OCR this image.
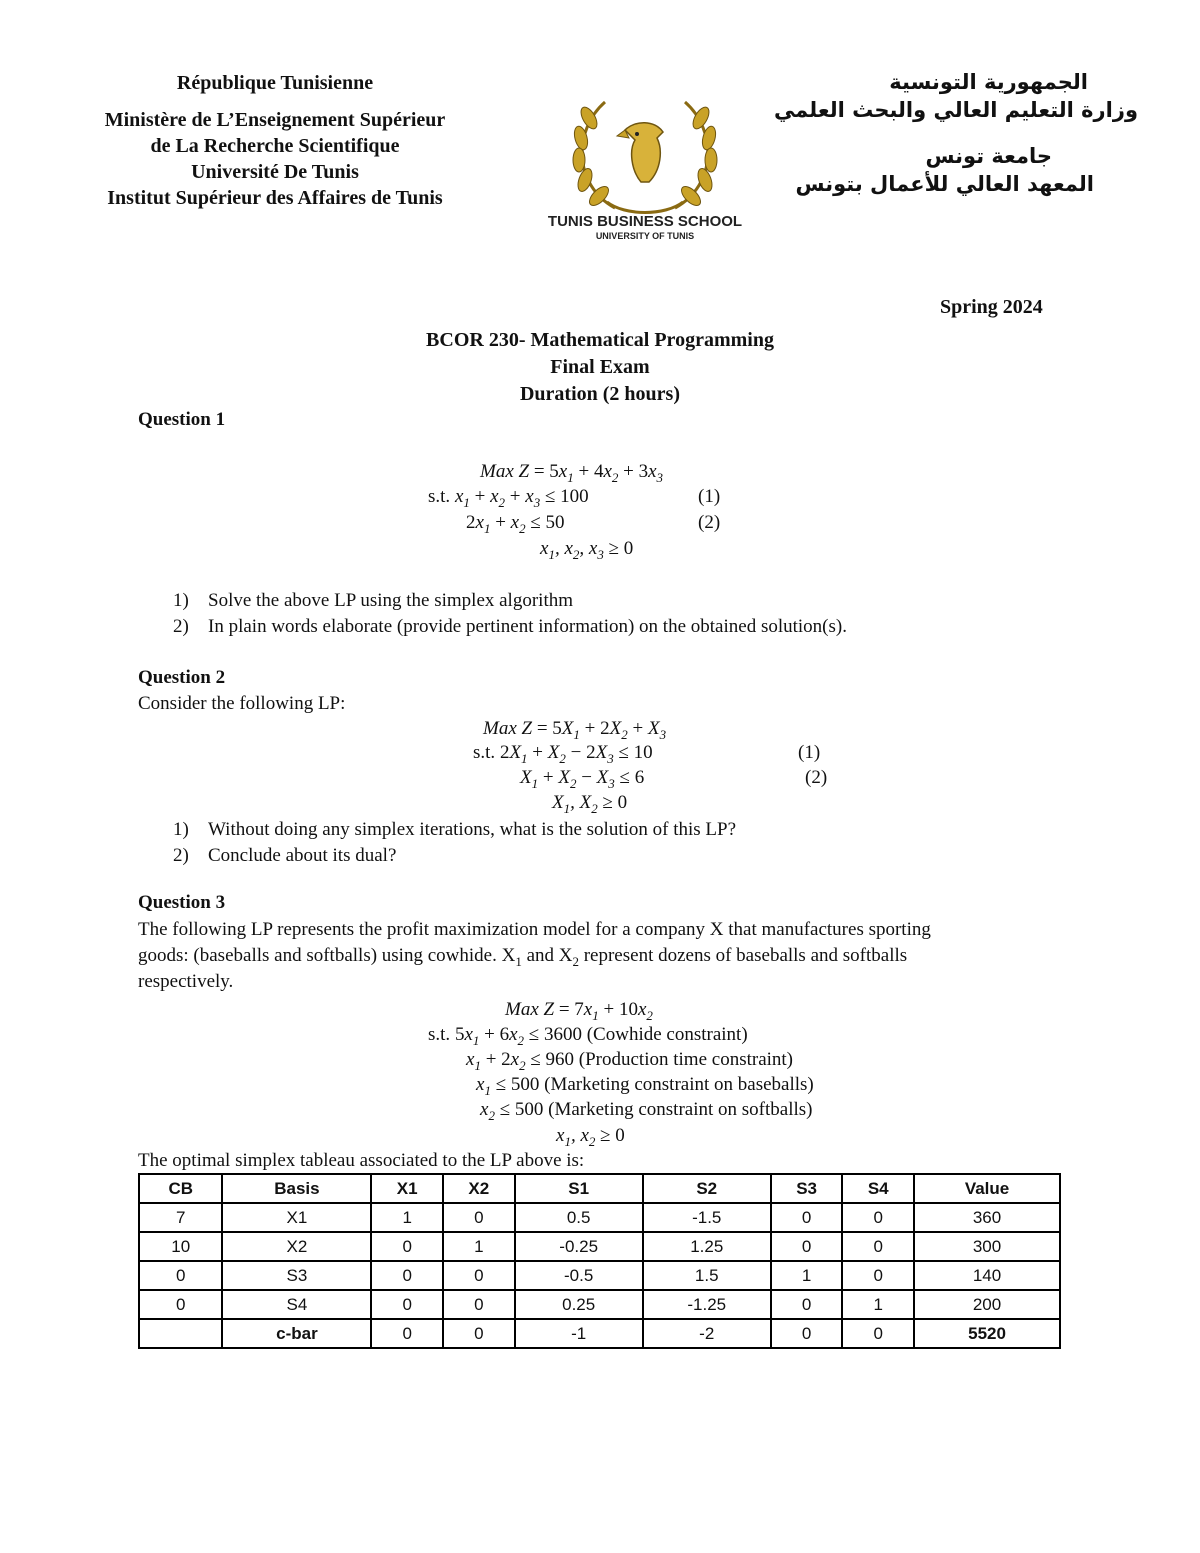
République Tunisienne
Ministère de L’Enseignement Supérieur
de La Recherche Scientifique
Université De Tunis
Institut Supérieur des Affaires de Tunis
TUNIS BUSINESS SCHOOL
UNIVERSITY OF TUNIS
الجمهورية التونسية
وزارة التعليم العالي والبحث العلمي
جامعة تونس
المعهد العالي للأعمال بتونس
Spring 2024
BCOR 230- Mathematical Programming
Final Exam
Duration (2 hours)
Question 1
Max $Z = 5x_1 + 4x_2 + 3x_3$
s.t. $x_1 + x_2 + x_3 \le 100$	(1)
$2x_1 + x_2 \le 50$	(2)
$x_1$, $x_2$, $x_3 \ge 0$
1) Solve the above LP using the simplex algorithm
2) In plain words elaborate (provide pertinent information) on the obtained solution(s).
Question 2
Consider the following LP:
Max $Z = 5X_1 + 2X_2 + X_3$
s.t. $2X_1 + X_2 - 2X_3 \le 10$	(1)
$X_1 + X_2 - X_3 \le 6$	(2)
$X_1$, $X_2 \ge 0$
1) Without doing any simplex iterations, what is the solution of this LP?
2) Conclude about its dual?
Question 3
The following LP represents the profit maximization model for a company X that manufactures sporting
goods: (baseballs and softballs) using cowhide. $X_1$ and $X_2$ represent dozens of baseballs and softballs
respectively.
Max $Z = 7x_1 + 10x_2$
s.t. $5x_1 + 6x_2 \le 3600$ (Cowhide constraint)
$x_1 + 2x_2 \le 960$ (Production time constraint)
$x_1 \le 500$ (Marketing constraint on baseballs)
$x_2 \le 500$ (Marketing constraint on softballs)
$x_1$, $x_2 \ge 0$
The optimal simplex tableau associated to the LP above is:
CB	Basis	X1	X2	S1	S2	S3	S4	Value
7	X1	1	0	0.5	-1.5	0	0	360
10	X2	0	1	-0.25	1.25	0	0	300
0	S3	0	0	-0.5	1.5	1	0	140
0	S4	0	0	0.25	-1.25	0	1	200
	c-bar	0	0	-1	-2	0	0	5520
